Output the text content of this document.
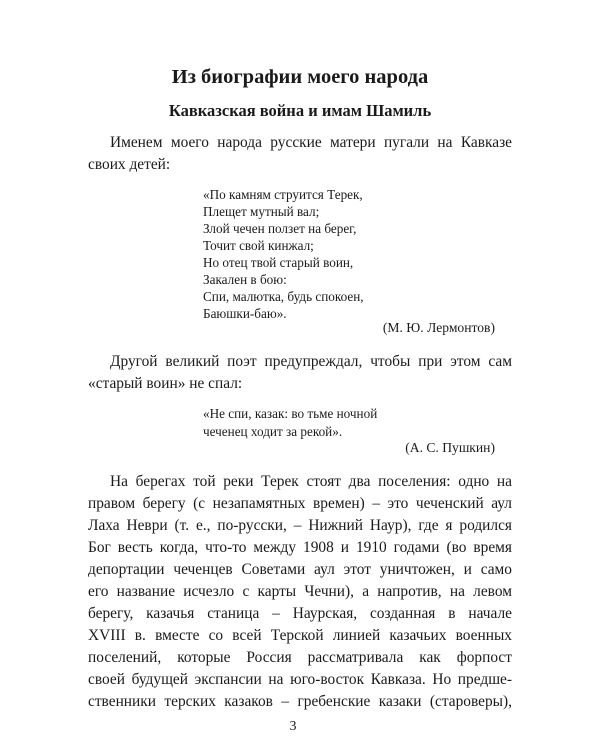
Из биографии моего народа
Кавказская война и имам Шамиль
Именем моего народа русские матери пугали на Кавказе
своих детей:
«По камням струится Терек,
Плещет мутный вал;
Злой чечен ползет на берег,
Точит свой кинжал;
Но отец твой старый воин,
Закален в бою:
Спи, малютка, будь спокоен,
Баюшки-баю».
(М. Ю. Лермонтов)
Другой великий поэт предупреждал, чтобы при этом сам
«старый воин» не спал:
«Не спи, казак: во тьме ночной
чеченец ходит за рекой».
(А. С. Пушкин)
На берегах той реки Терек стоят два поселения: одно на
правом берегу (с незапамятных времен) – это чеченский аул
Лаха Неври (т. е., по-русски, – Нижний Наур), где я родился
Бог весть когда, что-то между 1908 и 1910 годами (во время
депортации чеченцев Советами аул этот уничтожен, и само
его название исчезло с карты Чечни), а напротив, на левом
берегу, казачья станица – Наурская, созданная в начале
XVIII в. вместе со всей Терской линией казачьих военных
поселений, которые Россия рассматривала как форпост
своей будущей экспансии на юго-восток Кавказа. Но предше-
ственники терских казаков – гребенские казаки (староверы),
3
